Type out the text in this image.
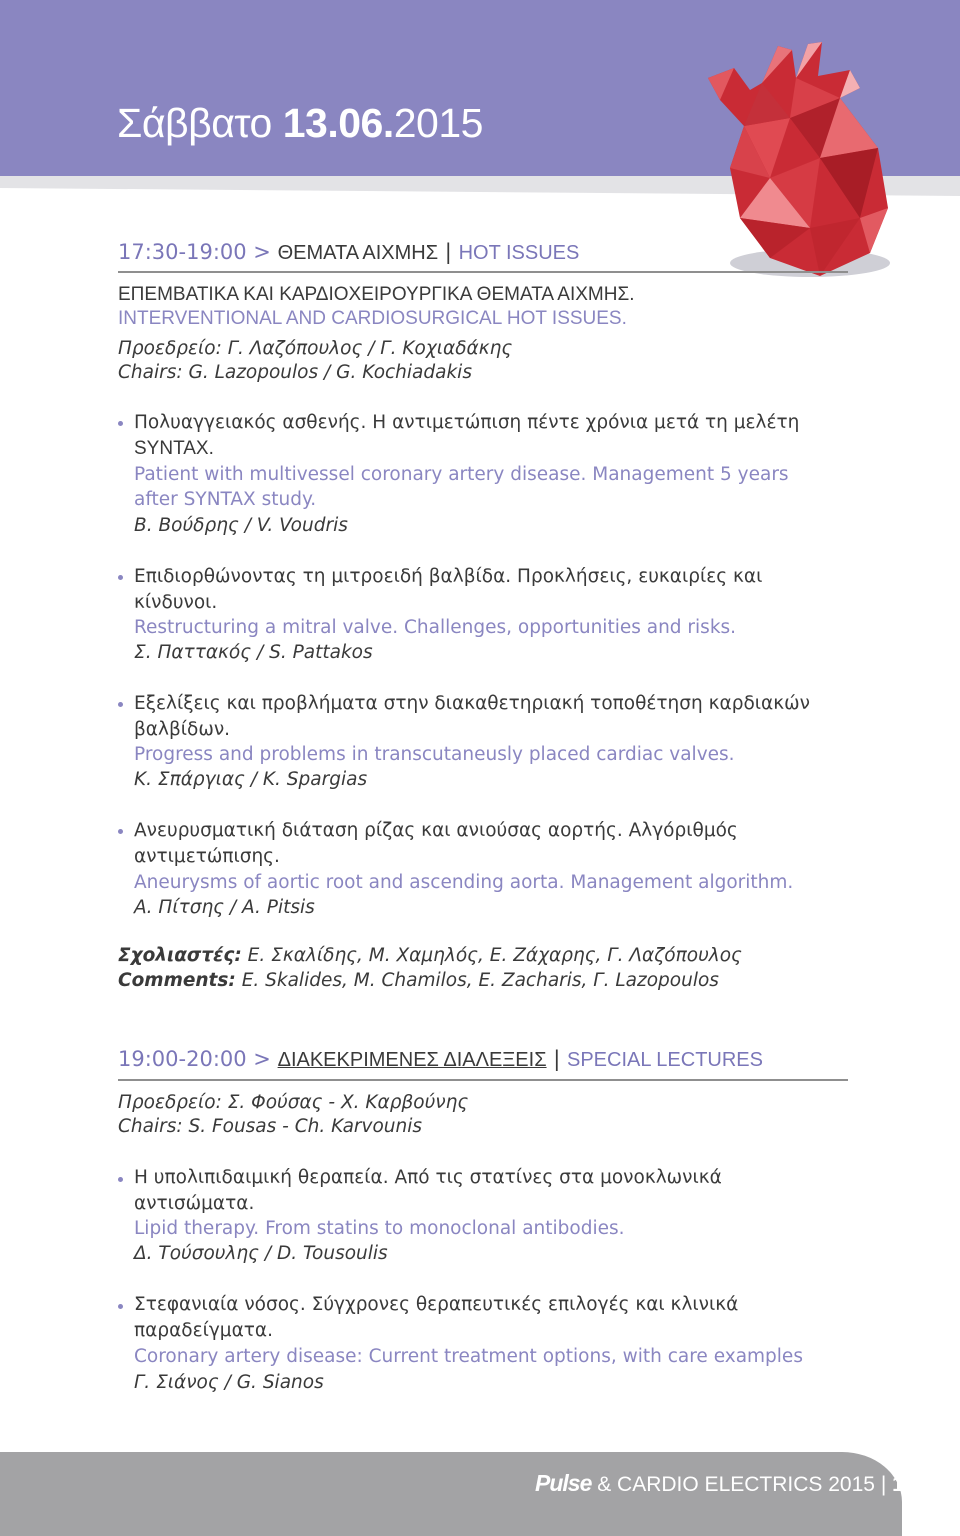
Σάββατο 13.06.2015
17:30-19:00 > ΘΕΜΑΤΑ ΑΙΧΜΗΣ | HOT ISSUES
ΕΠΕΜΒΑΤΙΚΑ ΚΑΙ ΚΑΡΔΙΟΧΕΙΡΟΥΡΓΙΚΑ ΘΕΜΑΤΑ ΑΙΧΜΗΣ.
INTERVENTIONAL AND CARDIOSURGICAL HOT ISSUES.
Προεδρείο: Γ. Λαζόπουλος / Γ. Κοχιαδάκης
Chairs: G. Lazopoulos / G. Kochiadakis
Πολυαγγειακός ασθενής. Η αντιμετώπιση πέντε χρόνια μετά τη μελέτη
SYNTAX.
Patient with multivessel coronary artery disease. Management 5 years
after SYNTAX study.
Β. Βούδρης / V. Voudris
Επιδιορθώνοντας τη μιτροειδή βαλβίδα. Προκλήσεις, ευκαιρίες και
κίνδυνοι.
Restructuring a mitral valve. Challenges, opportunities and risks.
Σ. Παττακός / S. Pattakos
Εξελίξεις και προβλήματα στην διακαθετηριακή τοποθέτηση καρδιακών
βαλβίδων.
Progress and problems in transcutaneusly placed cardiac valves.
Κ. Σπάργιας / K. Spargias
Ανευρυσματική διάταση ρίζας και ανιούσας αορτής. Αλγόριθμός
αντιμετώπισης.
Aneurysms of aortic root and ascending aorta. Management algorithm.
Α. Πίτσης / A. Pitsis
Σχολιαστές: Ε. Σκαλίδης, Μ. Χαμηλός, Ε. Ζάχαρης, Γ. Λαζόπουλος
Comments: E. Skalides, M. Chamilos, E. Zacharis, Γ. Lazopoulos
19:00-20:00 > ΔΙΑΚΕΚΡΙΜΕΝΕΣ ΔΙΑΛΕΞΕΙΣ | SPECIAL LECTURES
Προεδρείο: Σ. Φούσας - Χ. Καρβούνης
Chairs: S. Fousas - Ch. Karvounis
Η υπολιπιδαιμική θεραπεία. Από τις στατίνες στα μονοκλωνικά
αντισώματα.
Lipid therapy. From statins to monoclonal antibodies.
Δ. Τούσουλης / D. Tousoulis
Στεφανιαία νόσος. Σύγχρονες θεραπευτικές επιλογές και κλινικά
παραδείγματα.
Coronary artery disease: Current treatment options, with care examples
Γ. Σιάνος / G. Sianos
Pulse & CARDIO ELECTRICS 2015 | 15
